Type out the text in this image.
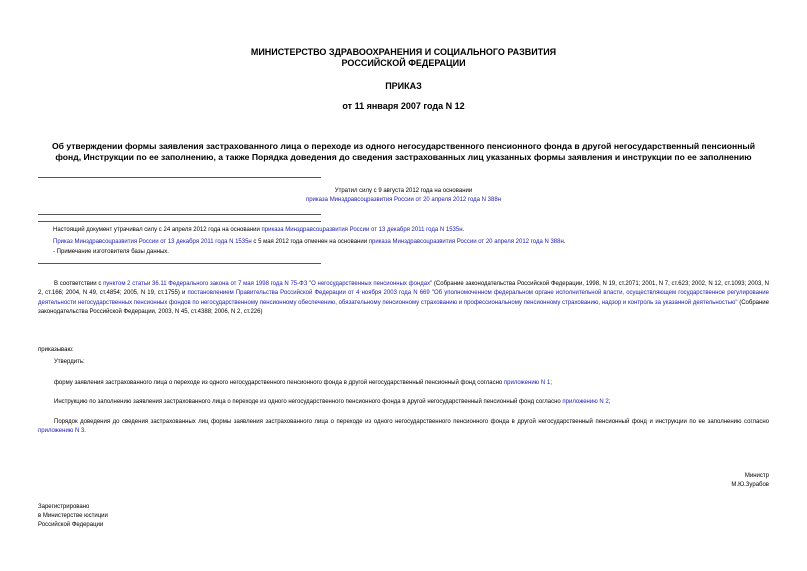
МИНИСТЕРСТВО ЗДРАВООХРАНЕНИЯ И СОЦИАЛЬНОГО РАЗВИТИЯ
РОССИЙСКОЙ ФЕДЕРАЦИИ
ПРИКАЗ
от 11 января 2007 года N 12
Об утверждении формы заявления застрахованного лица о переходе из одного негосударственного пенсионного фонда в другой негосударственный пенсионный фонд, Инструкции по ее заполнению, а также Порядка доведения до сведения застрахованных лиц указанных формы заявления и инструкции по ее заполнению
Утратил силу с 9 августа 2012 года на основании
приказа Минздравсоцразвития России от 20 апреля 2012 года N 388н
Настоящий документ утрачивал силу с 24 апреля 2012 года на основании приказа Минздравсоцразвития России от 13 декабря 2011 года N 1535н.
Приказ Минздравсоцразвития России от 13 декабря 2011 года N 1535н с 5 мая 2012 года отменен на основании приказа Минздравсоцразвития России от 20 апреля 2012 года N 388н.
- Примечание изготовителя базы данных.
В соответствии с пунктом 2 статьи 36.11 Федерального закона от 7 мая 1998 года N 75-ФЗ "О негосударственных пенсионных фондах" (Собрание законодательства Российской Федерации, 1998, N 19, ст.2071; 2001, N 7, ст.623; 2002, N 12, ст.1093; 2003, N 2, ст.166; 2004, N 49, ст.4854; 2005, N 19, ст.1755) и постановлением Правительства Российской Федерации от 4 ноября 2003 года N 669 "Об уполномоченном федеральном органе исполнительной власти, осуществляющем государственное регулирование деятельности негосударственных пенсионных фондов по негосударственному пенсионному обеспечению, обязательному пенсионному страхованию и профессиональному пенсионному страхованию, надзор и контроль за указанной деятельностью" (Собрание законодательства Российской Федерации, 2003, N 45, ст.4388; 2006, N 2, ст.226)
приказываю:
Утвердить:
форму заявления застрахованного лица о переходе из одного негосударственного пенсионного фонда в другой негосударственный пенсионный фонд согласно приложению N 1;
Инструкцию по заполнению заявления застрахованного лица о переходе из одного негосударственного пенсионного фонда в другой негосударственный пенсионный фонд согласно приложению N 2;
Порядок доведения до сведения застрахованных лиц формы заявления застрахованного лица о переходе из одного негосударственного пенсионного фонда в другой негосударственный пенсионный фонд и инструкции по ее заполнению согласно приложению N 3.
Министр
М.Ю.Зурабов
Зарегистрировано
в Министерстве юстиции
Российской Федерации
